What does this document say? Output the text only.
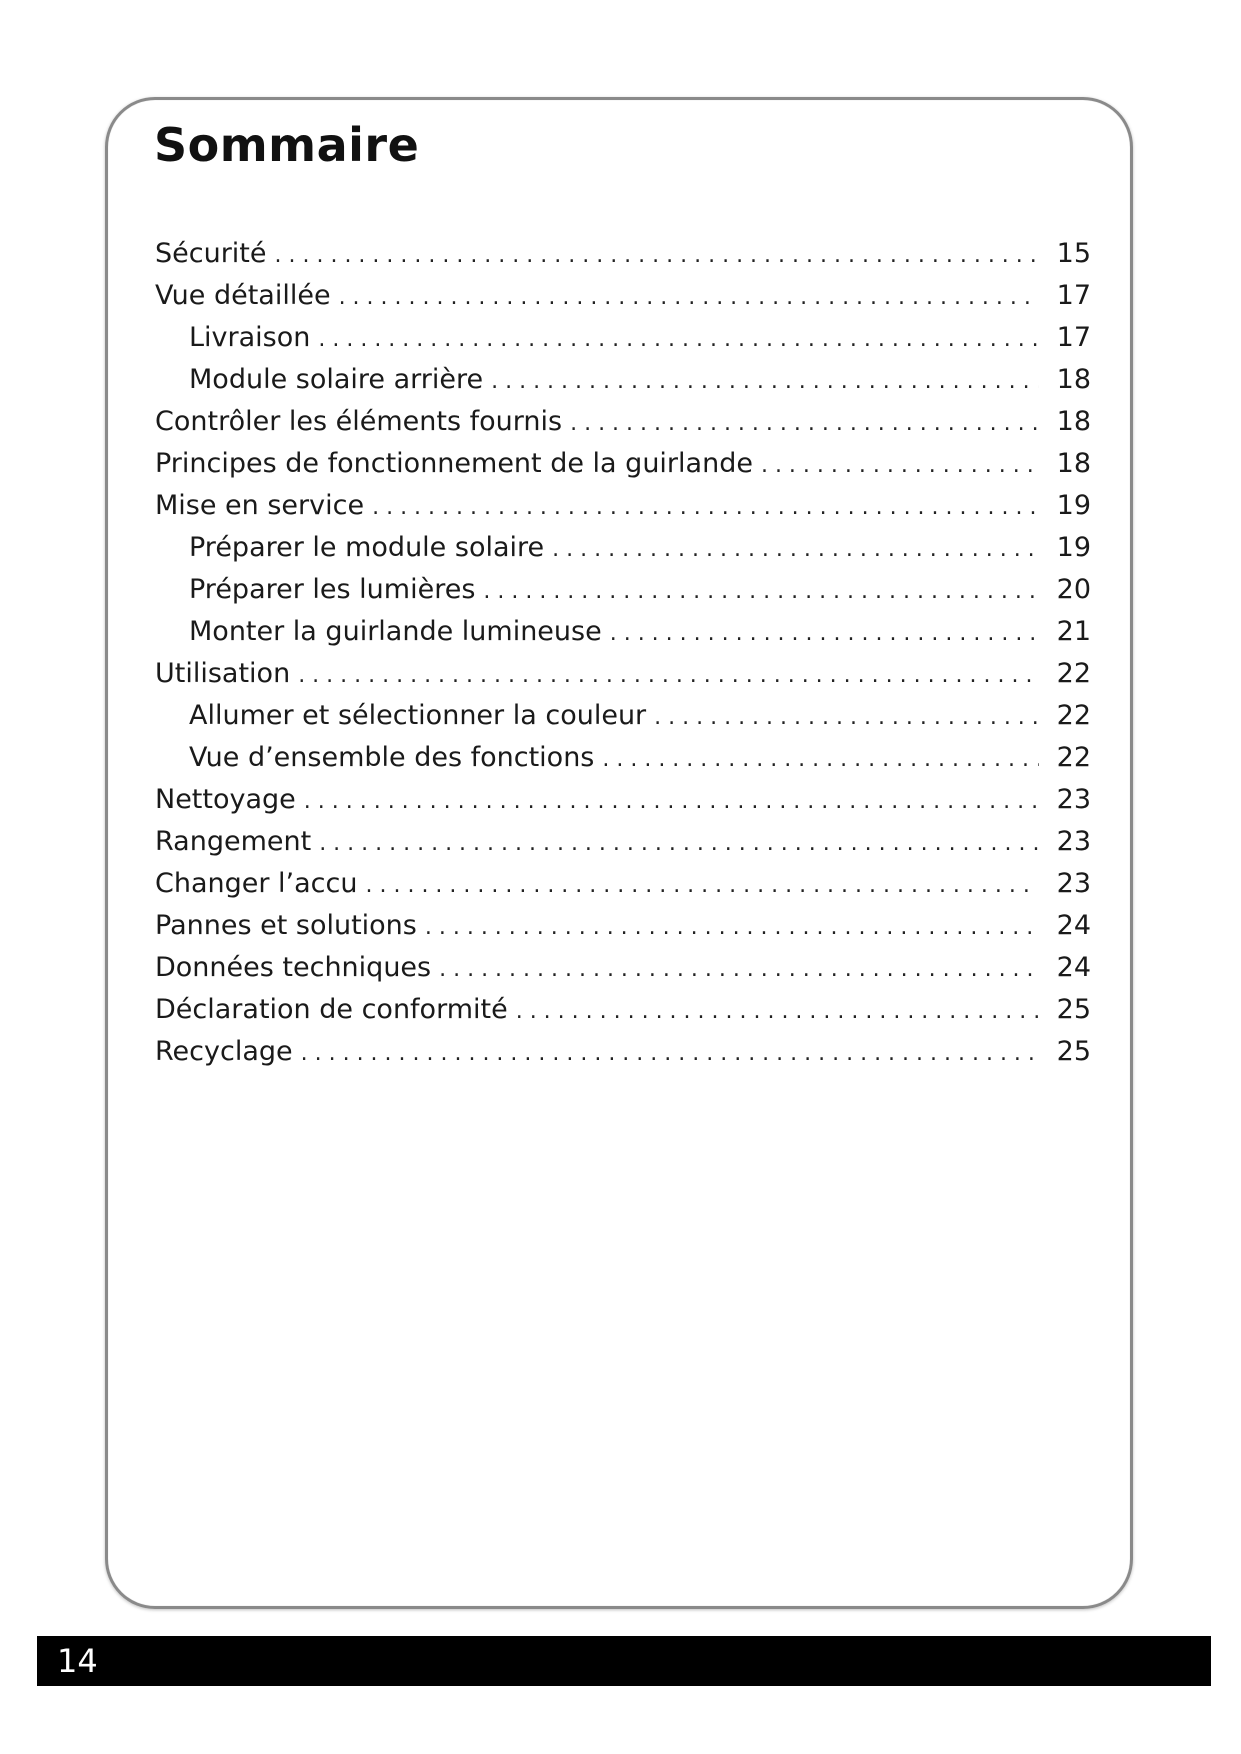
Sommaire
Sécurité . . .	15
Vue détaillée . . .	17
Livraison . . .	17
Module solaire arrière . . .	18
Contrôler les éléments fournis . . .	18
Principes de fonctionnement de la guirlande . . .	18
Mise en service . . .	19
Préparer le module solaire . . .	19
Préparer les lumières . . .	20
Monter la guirlande lumineuse . . .	21
Utilisation . . .	22
Allumer et sélectionner la couleur . . .	22
Vue d’ensemble des fonctions . . .	22
Nettoyage . . .	23
Rangement . . .	23
Changer l’accu . . .	23
Pannes et solutions . . .	24
Données techniques . . .	24
Déclaration de conformité . . .	25
Recyclage . . .	25
14
